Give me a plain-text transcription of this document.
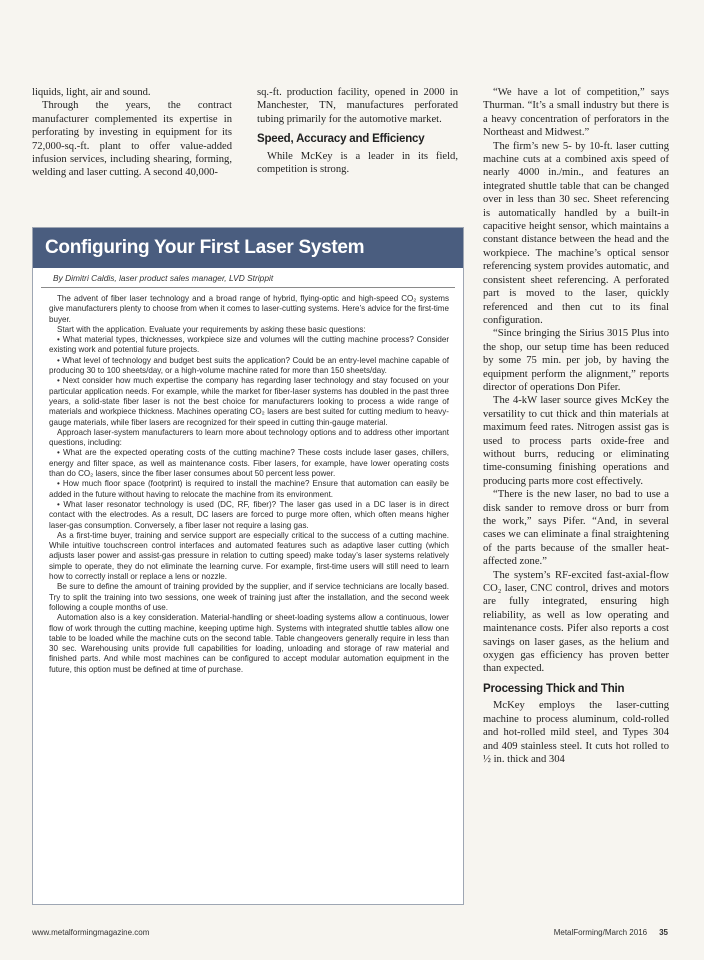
liquids, light, air and sound.

Through the years, the contract manufacturer complemented its expertise in perforating by investing in equipment for its 72,000-sq.-ft. plant to offer value-added infusion services, including shearing, forming, welding and laser cutting. A second 40,000-

sq.-ft. production facility, opened in 2000 in Manchester, TN, manufactures perforated tubing primarily for the automotive market.

Speed, Accuracy and Efficiency

While McKey is a leader in its field, competition is strong.

“We have a lot of competition,” says Thurman. “It’s a small industry but there is a heavy concentration of perforators in the Northeast and Midwest.”

The firm’s new 5- by 10-ft. laser cutting machine cuts at a combined axis speed of nearly 4000 in./min., and features an integrated shuttle table that can be changed over in less than 30 sec. Sheet referencing is automatically handled by a built-in capacitive height sensor, which maintains a constant distance between the head and the workpiece. The machine’s optical sensor referencing system provides automatic, and consistent sheet referencing. A perforated part is moved to the laser, quickly referenced and then cut to its final configuration.

“Since bringing the Sirius 3015 Plus into the shop, our setup time has been reduced by some 75 min. per job, by having the equipment perform the alignment,” reports director of operations Don Pifer.

The 4-kW laser source gives McKey the versatility to cut thick and thin materials at maximum feed rates. Nitrogen assist gas is used to process parts oxide-free and without burrs, reducing or eliminating time-consuming finishing operations and producing parts more cost effectively.

“There is the new laser, no bad to use a disk sander to remove dross or burr from the work,” says Pifer. “And, in several cases we can eliminate a final straightening of the parts because of the smaller heat-affected zone.”

The system’s RF-excited fast-axial-flow CO₂ laser, CNC control, drives and motors are fully integrated, ensuring high reliability, as well as low operating and maintenance costs. Pifer also reports a cost savings on laser gases, as the helium and oxygen gas efficiency has proven better than expected.

Processing Thick and Thin

McKey employs the laser-cutting machine to process aluminum, cold-rolled and hot-rolled mild steel, and Types 304 and 409 stainless steel. It cuts hot rolled to ½ in. thick and 304

Configuring Your First Laser System
By Dimitri Caldis, laser product sales manager, LVD Strippit

The advent of fiber laser technology and a broad range of hybrid, flying-optic and high-speed CO₂ systems give manufacturers plenty to choose from when it comes to laser-cutting systems. Here’s advice for the first-time buyer.

Start with the application. Evaluate your requirements by asking these basic questions:

• What material types, thicknesses, workpiece size and volumes will the cutting machine process? Consider existing work and potential future projects.

• What level of technology and budget best suits the application? Could be an entry-level machine capable of producing 30 to 100 sheets/day, or a high-volume machine rated for more than 150 sheets/day.

• Next consider how much expertise the company has regarding laser technology and stay focused on your particular application needs. For example, while the market for fiber-laser systems has doubled in the past three years, a solid-state fiber laser is not the best choice for manufacturers looking to process a wide range of materials and workpiece thickness. Machines operating CO₂ lasers are best suited for cutting medium to heavy-gauge materials, while fiber lasers are recognized for their speed in cutting thin-gauge material.

Approach laser-system manufacturers to learn more about technology options and to address other important questions, including:

• What are the expected operating costs of the cutting machine? These costs include laser gases, chillers, energy and filter space, as well as maintenance costs. Fiber lasers, for example, have lower operating costs than do CO₂ lasers, since the fiber laser consumes about 50 percent less power.

• How much floor space (footprint) is required to install the machine? Ensure that automation can easily be added in the future without having to relocate the machine from its environment.

• What laser resonator technology is used (DC, RF, fiber)? The laser gas used in a DC laser is in direct contact with the electrodes. As a result, DC lasers are forced to purge more often, which often means higher laser-gas consumption. Conversely, a fiber laser not require a lasing gas.

As a first-time buyer, training and service support are especially critical to the success of a cutting machine. While intuitive touchscreen control interfaces and automated features such as adaptive laser cutting (which adjusts laser power and assist-gas pressure in relation to cutting speed) make today’s laser systems relatively simple to operate, they do not eliminate the learning curve. For example, first-time users will still need to learn how to correctly install or replace a lens or nozzle.

Be sure to define the amount of training provided by the supplier, and if service technicians are locally based. Try to split the training into two sessions, one week of training just after the installation, and the second week following a couple months of use.

Automation also is a key consideration. Material-handling or sheet-loading systems allow a continuous, lower flow of work through the cutting machine, keeping uptime high. Systems with integrated shuttle tables allow one table to be loaded while the machine cuts on the second table. Table changeovers generally require in less than 30 sec. Warehousing units provide full capabilities for loading, unloading and storage of raw material and finished parts. And while most machines can be configured to accept modular automation equipment in the future, this option must be defined at time of purchase.

www.metalformingmagazine.com	MetalForming/March 2016 35
